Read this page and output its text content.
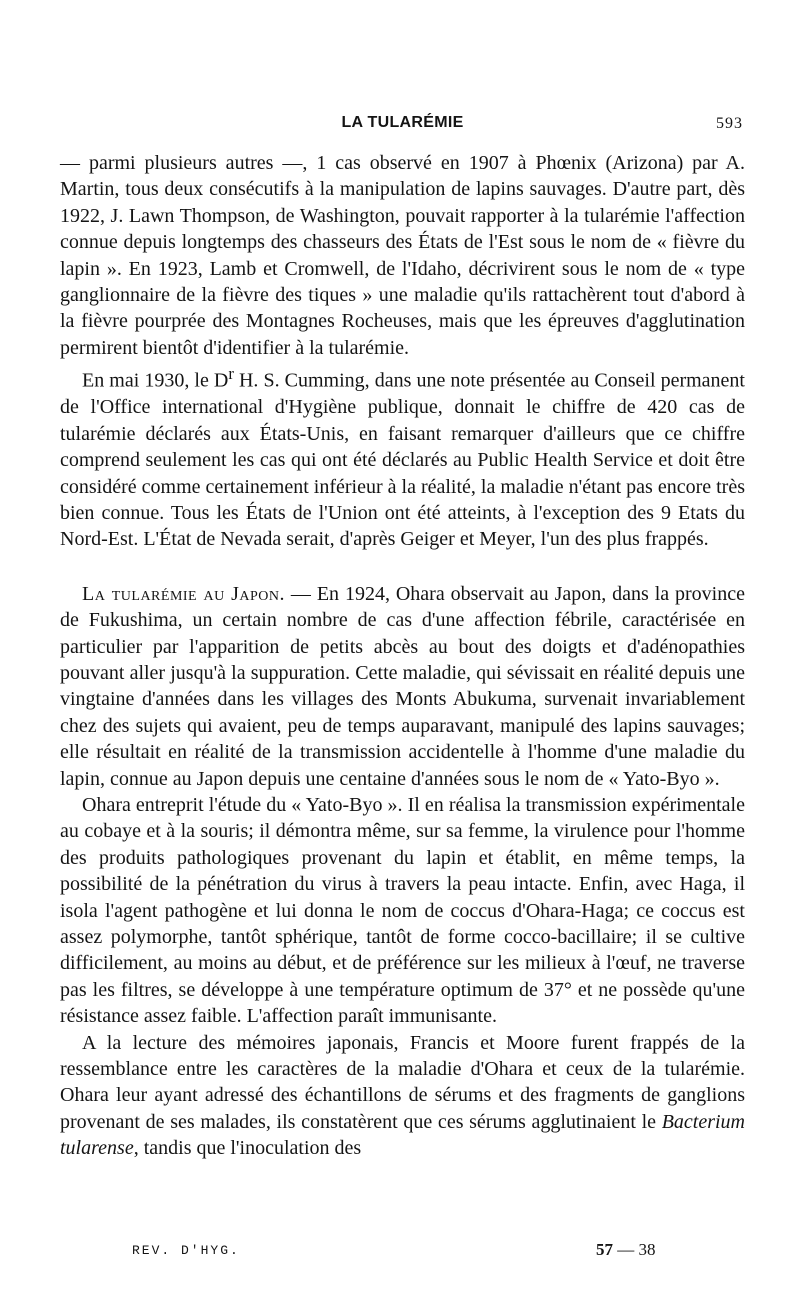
LA TULARÉMIE	593

— parmi plusieurs autres —, 1 cas observé en 1907 à Phœnix (Arizona) par A. Martin, tous deux consécutifs à la manipulation de lapins sauvages. D'autre part, dès 1922, J. Lawn Thompson, de Washington, pouvait rapporter à la tularémie l'affection connue depuis longtemps des chasseurs des États de l'Est sous le nom de « fièvre du lapin ». En 1923, Lamb et Cromwell, de l'Idaho, décrivirent sous le nom de « type ganglionnaire de la fièvre des tiques » une maladie qu'ils rattachèrent tout d'abord à la fièvre pourprée des Montagnes Rocheuses, mais que les épreuves d'agglutination permirent bientôt d'identifier à la tularémie.

En mai 1930, le $D^r$ H. S. Cumming, dans une note présentée au Conseil permanent de l'Office international d'Hygiène publique, donnait le chiffre de 420 cas de tularémie déclarés aux États-Unis, en faisant remarquer d'ailleurs que ce chiffre comprend seulement les cas qui ont été déclarés au Public Health Service et doit être considéré comme certainement inférieur à la réalité, la maladie n'étant pas encore très bien connue. Tous les États de l'Union ont été atteints, à l'exception des 9 Etats du Nord-Est. L'État de Nevada serait, d'après Geiger et Meyer, l'un des plus frappés.

La tularémie au Japon. — En 1924, Ohara observait au Japon, dans la province de Fukushima, un certain nombre de cas d'une affection fébrile, caractérisée en particulier par l'apparition de petits abcès au bout des doigts et d'adénopathies pouvant aller jusqu'à la suppuration. Cette maladie, qui sévissait en réalité depuis une vingtaine d'années dans les villages des Monts Abukuma, survenait invariablement chez des sujets qui avaient, peu de temps auparavant, manipulé des lapins sauvages; elle résultait en réalité de la transmission accidentelle à l'homme d'une maladie du lapin, connue au Japon depuis une centaine d'années sous le nom de « Yato-Byo ».

Ohara entreprit l'étude du « Yato-Byo ». Il en réalisa la transmission expérimentale au cobaye et à la souris; il démontra même, sur sa femme, la virulence pour l'homme des produits pathologiques provenant du lapin et établit, en même temps, la possibilité de la pénétration du virus à travers la peau intacte. Enfin, avec Haga, il isola l'agent pathogène et lui donna le nom de coccus d'Ohara-Haga; ce coccus est assez polymorphe, tantôt sphérique, tantôt de forme cocco-bacillaire; il se cultive difficilement, au moins au début, et de préférence sur les milieux à l'œuf, ne traverse pas les filtres, se développe à une température optimum de 37° et ne possède qu'une résistance assez faible. L'affection paraît immunisante.

A la lecture des mémoires japonais, Francis et Moore furent frappés de la ressemblance entre les caractères de la maladie d'Ohara et ceux de la tularémie. Ohara leur ayant adressé des échantillons de sérums et des fragments de ganglions provenant de ses malades, ils constatèrent que ces sérums agglutinaient le Bacterium tularense, tandis que l'inoculation des

REV. D'HYG.	57 — 38
